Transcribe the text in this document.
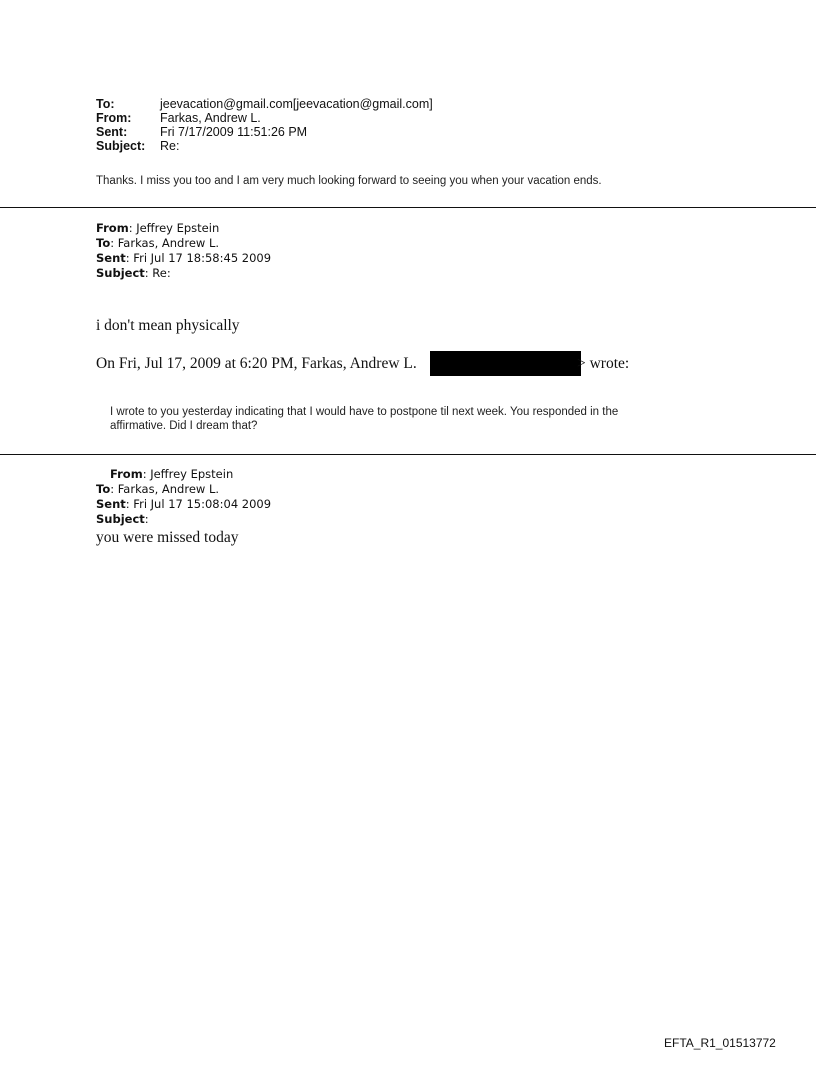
To:	jeevacation@gmail.com[jeevacation@gmail.com]
From: Farkas, Andrew L.
Sent:	Fri 7/17/2009 11:51:26 PM
Subject: Re:
Thanks. I miss you too and I am very much looking forward to seeing you when your vacation ends.
From: Jeffrey Epstein
To: Farkas, Andrew L.
Sent: Fri Jul 17 18:58:45 2009
Subject: Re:
i don't mean physically
On Fri, Jul 17, 2009 at 6:20 PM, Farkas, Andrew L.	> wrote:
I wrote to you yesterday indicating that I would have to postpone til next week. You responded in the
affirmative. Did I dream that?
From: Jeffrey Epstein
To: Farkas, Andrew L.
Sent: Fri Jul 17 15:08:04 2009
Subject:
you were missed today
EFTA_R1_01513772
